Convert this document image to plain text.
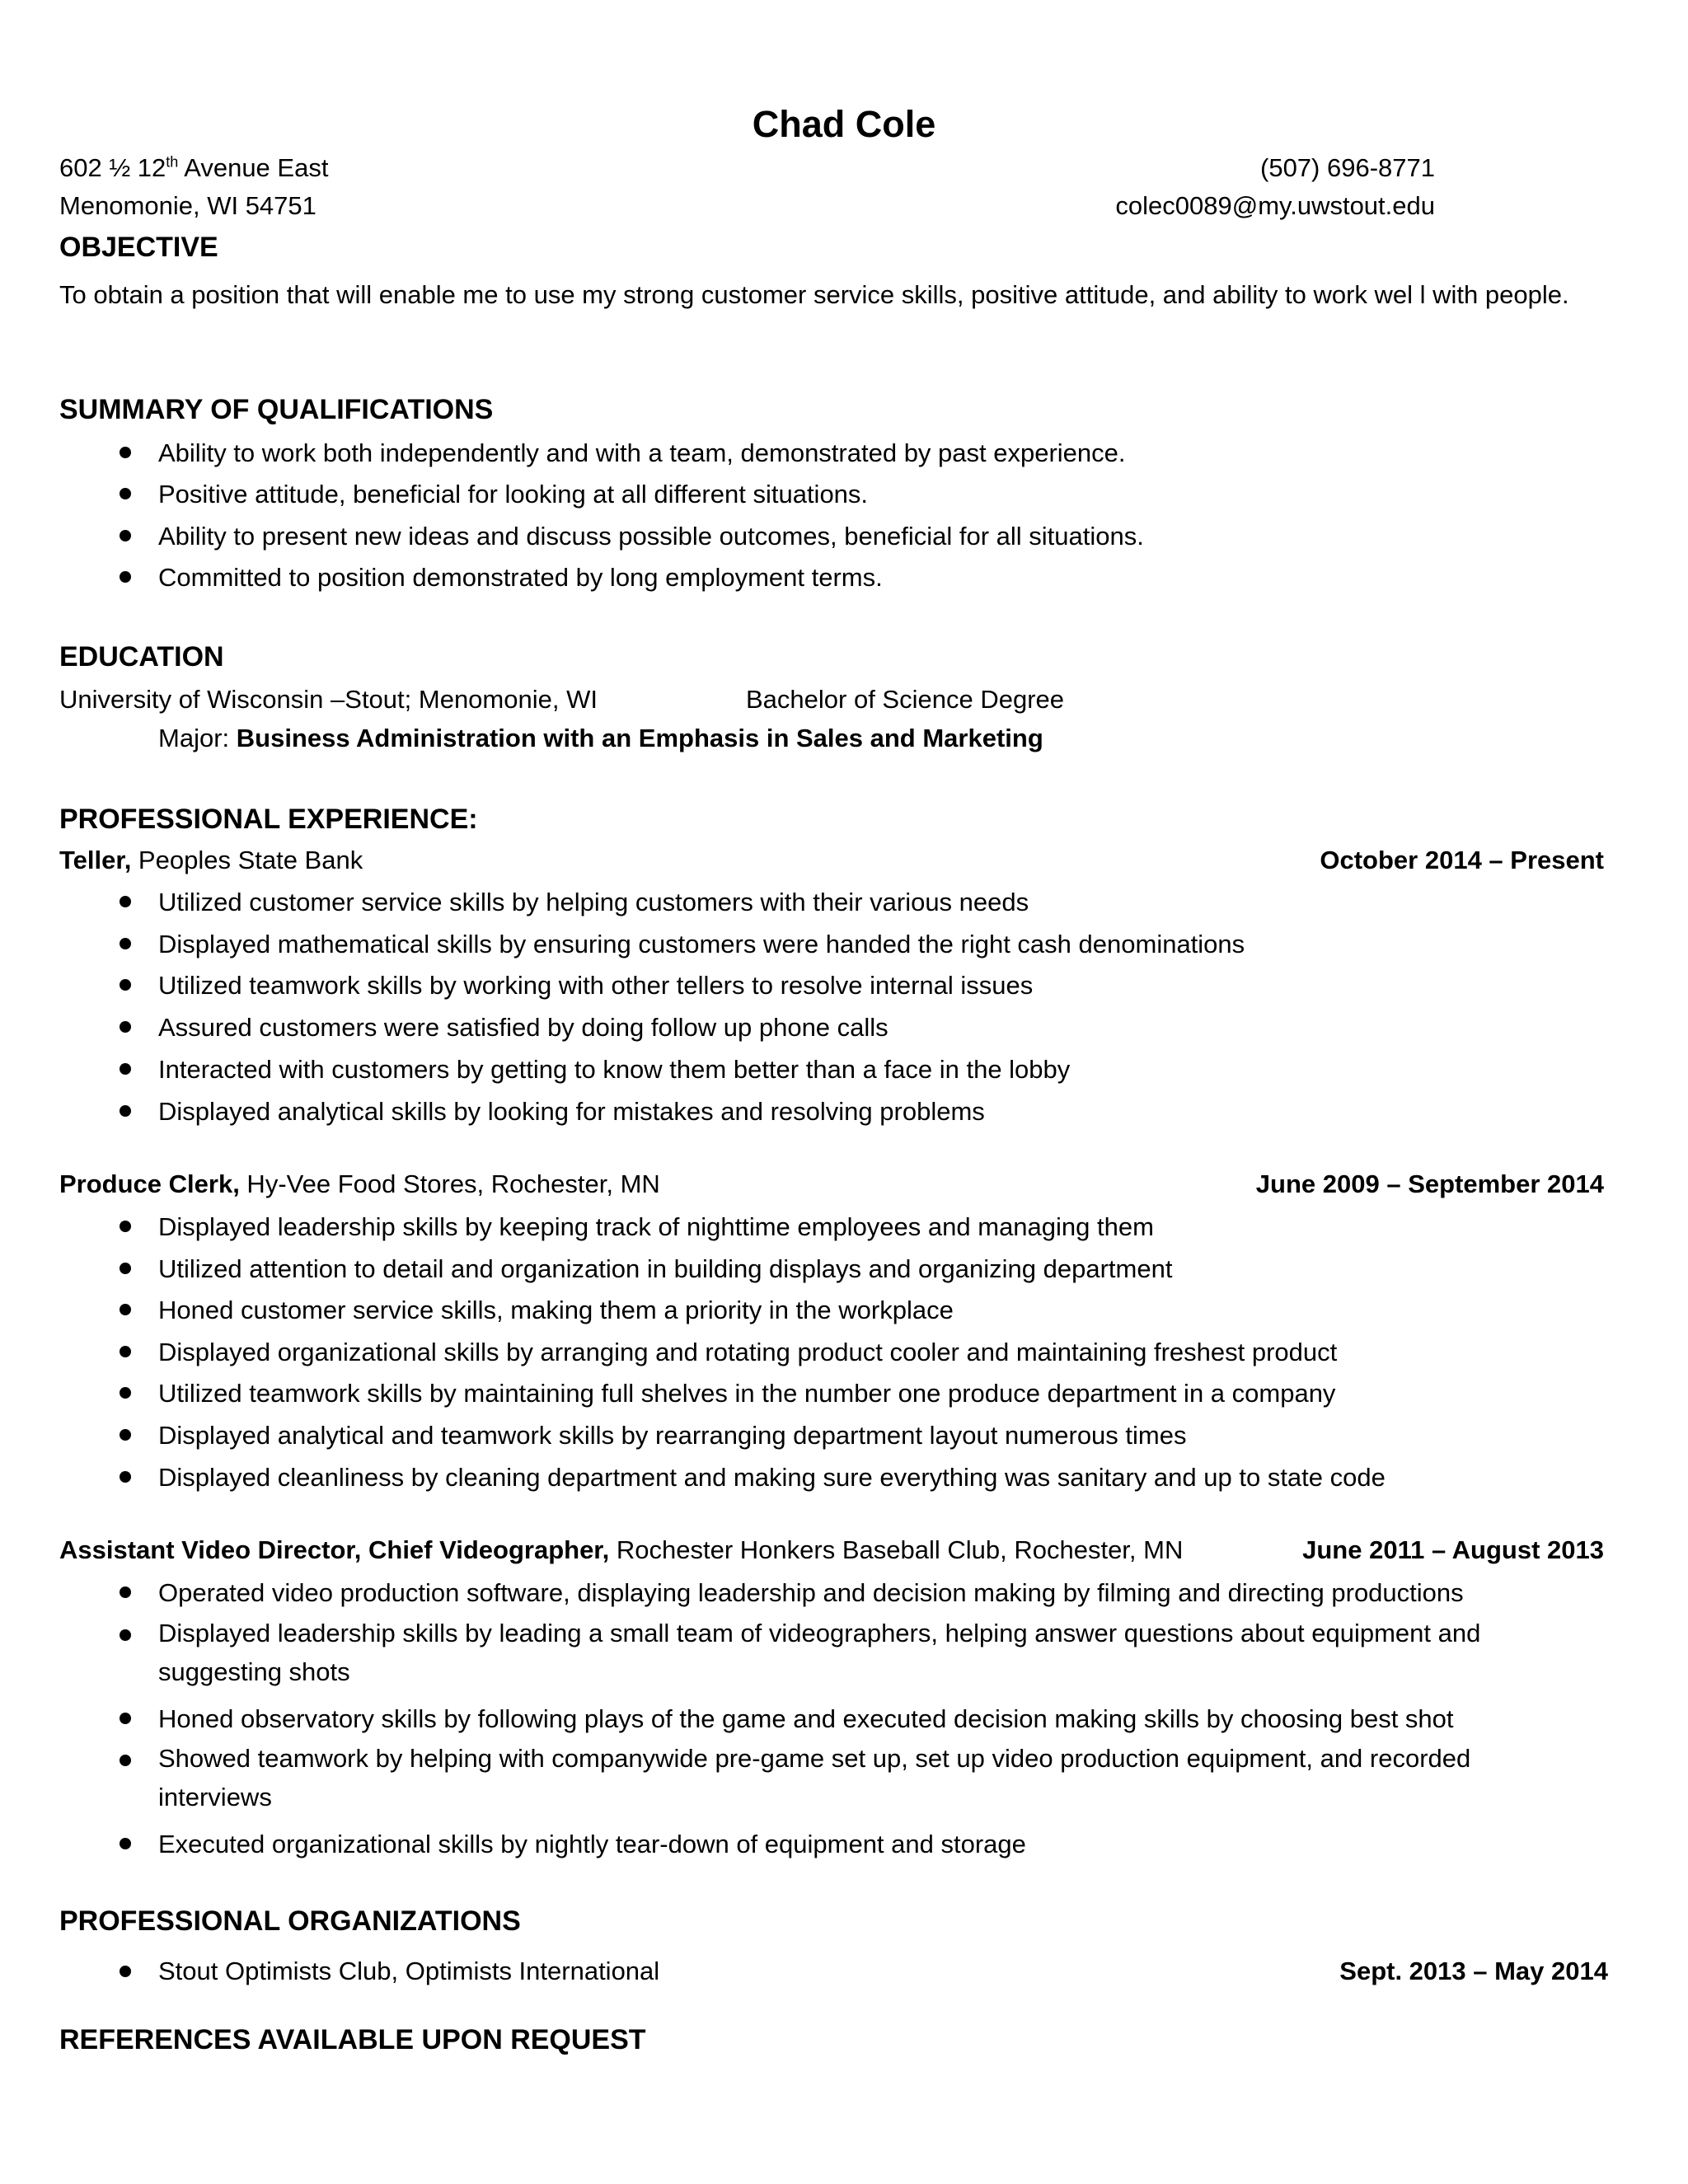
Chad Cole
602 ½ 12th Avenue East
Menomonie, WI 54751
(507) 696-8771
colec0089@my.uwstout.edu
OBJECTIVE
To obtain a position that will enable me to use my strong customer service skills, positive attitude, and ability to work wel l with people.
SUMMARY OF QUALIFICATIONS
Ability to work both independently and with a team, demonstrated by past experience.
Positive attitude, beneficial for looking at all different situations.
Ability to present new ideas and discuss possible outcomes, beneficial for all situations.
Committed to position demonstrated by long employment terms.
EDUCATION
University of Wisconsin –Stout; Menomonie, WI	Bachelor of Science Degree
Major: Business Administration with an Emphasis in Sales and Marketing
PROFESSIONAL EXPERIENCE:
Teller, Peoples State Bank	October 2014 – Present
Utilized customer service skills by helping customers with their various needs
Displayed mathematical skills by ensuring customers were handed the right cash denominations
Utilized teamwork skills by working with other tellers to resolve internal issues
Assured customers were satisfied by doing follow up phone calls
Interacted with customers by getting to know them better than a face in the lobby
Displayed analytical skills by looking for mistakes and resolving problems
Produce Clerk, Hy-Vee Food Stores, Rochester, MN	June 2009 – September 2014
Displayed leadership skills by keeping track of nighttime employees and managing them
Utilized attention to detail and organization in building displays and organizing department
Honed customer service skills, making them a priority in the workplace
Displayed organizational skills by arranging and rotating product cooler and maintaining freshest product
Utilized teamwork skills by maintaining full shelves in the number one produce department in a company
Displayed analytical and teamwork skills by rearranging department layout numerous times
Displayed cleanliness by cleaning department and making sure everything was sanitary and up to state code
Assistant Video Director, Chief Videographer, Rochester Honkers Baseball Club, Rochester, MN	June 2011 – August 2013
Operated video production software, displaying leadership and decision making by filming and directing productions
Displayed leadership skills by leading a small team of videographers, helping answer questions about equipment and suggesting shots
Honed observatory skills by following plays of the game and executed decision making skills by choosing best shot
Showed teamwork by helping with companywide pre-game set up, set up video production equipment, and recorded interviews
Executed organizational skills by nightly tear-down of equipment and storage
PROFESSIONAL ORGANIZATIONS
Stout Optimists Club, Optimists International	Sept. 2013 – May 2014
REFERENCES AVAILABLE UPON REQUEST
